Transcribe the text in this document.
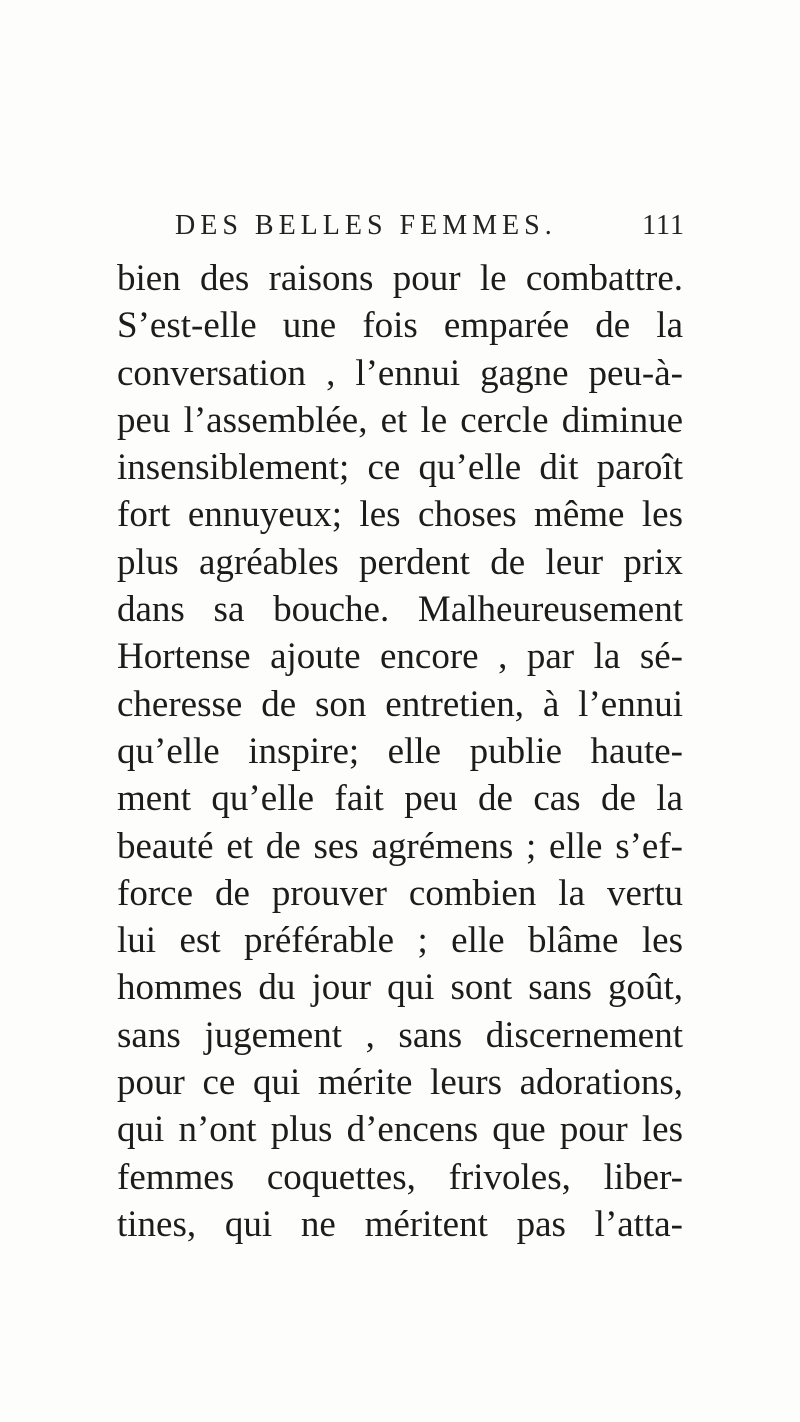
DES BELLES FEMMES.	111
bien des raisons pour le combattre.
S’est-elle une fois emparée de la
conversation , l’ennui gagne peu-à-
peu l’assemblée, et le cercle diminue
insensiblement; ce qu’elle dit paroît
fort ennuyeux; les choses même les
plus agréables perdent de leur prix
dans sa bouche. Malheureusement
Hortense ajoute encore , par la sé-
cheresse de son entretien, à l’ennui
qu’elle inspire; elle publie haute-
ment qu’elle fait peu de cas de la
beauté et de ses agrémens ; elle s’ef-
force de prouver combien la vertu
lui est préférable ; elle blâme les
hommes du jour qui sont sans goût,
sans jugement , sans discernement
pour ce qui mérite leurs adorations,
qui n’ont plus d’encens que pour les
femmes coquettes, frivoles, liber-
tines, qui ne méritent pas l’atta-
